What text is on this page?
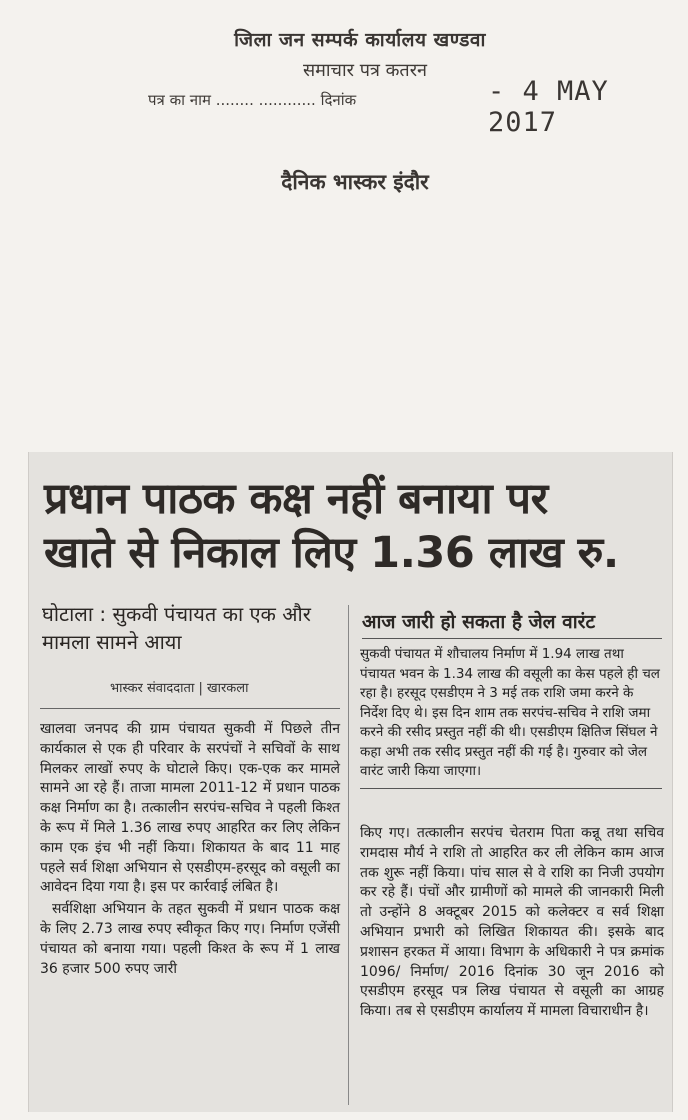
जिला जन सम्पर्क कार्यालय खण्डवा
समाचार पत्र कतरन
पत्र का नाम ........ ............ दिनांक	- 4 MAY 2017
दैनिक भास्कर इंदौर
प्रधान पाठक कक्ष नहीं बनाया पर
खाते से निकाल लिए 1.36 लाख रु.
घोटाला : सुकवी पंचायत का एक और मामला सामने आया
भास्कर संवाददाता | खारकला
आज जारी हो सकता है जेल वारंट
सुकवी पंचायत में शौचालय निर्माण में 1.94 लाख तथा पंचायत भवन के 1.34 लाख की वसूली का केस पहले ही चल रहा है। हरसूद एसडीएम ने 3 मई तक राशि जमा करने के निर्देश दिए थे। इस दिन शाम तक सरपंच-सचिव ने राशि जमा करने की रसीद प्रस्तुत नहीं की थी। एसडीएम क्षितिज सिंघल ने कहा अभी तक रसीद प्रस्तुत नहीं की गई है। गुरुवार को जेल वारंट जारी किया जाएगा।

खालवा जनपद की ग्राम पंचायत सुकवी में पिछले तीन कार्यकाल से एक ही परिवार के सरपंचों ने सचिवों के साथ मिलकर लाखों रुपए के घोटाले किए। एक-एक कर मामले सामने आ रहे हैं। ताजा मामला 2011-12 में प्रधान पाठक कक्ष निर्माण का है। तत्कालीन सरपंच-सचिव ने पहली किश्त के रूप में मिले 1.36 लाख रुपए आहरित कर लिए लेकिन काम एक इंच भी नहीं किया। शिकायत के बाद 11 माह पहले सर्व शिक्षा अभियान से एसडीएम-हरसूद को वसूली का आवेदन दिया गया है। इस पर कार्रवाई लंबित है।

सर्वशिक्षा अभियान के तहत सुकवी में प्रधान पाठक कक्ष के लिए 2.73 लाख रुपए स्वीकृत किए गए। निर्माण एजेंसी पंचायत को बनाया गया। पहली किश्त के रूप में 1 लाख 36 हजार 500 रुपए जारी

किए गए। तत्कालीन सरपंच चेतराम पिता कन्नू तथा सचिव रामदास मौर्य ने राशि तो आहरित कर ली लेकिन काम आज तक शुरू नहीं किया। पांच साल से वे राशि का निजी उपयोग कर रहे हैं। पंचों और ग्रामीणों को मामले की जानकारी मिली तो उन्होंने 8 अक्टूबर 2015 को कलेक्टर व सर्व शिक्षा अभियान प्रभारी को लिखित शिकायत की। इसके बाद प्रशासन हरकत में आया। विभाग के अधिकारी ने पत्र क्रमांक 1096/ निर्माण/ 2016 दिनांक 30 जून 2016 को एसडीएम हरसूद पत्र लिख पंचायत से वसूली का आग्रह किया। तब से एसडीएम कार्यालय में मामला विचाराधीन है।
